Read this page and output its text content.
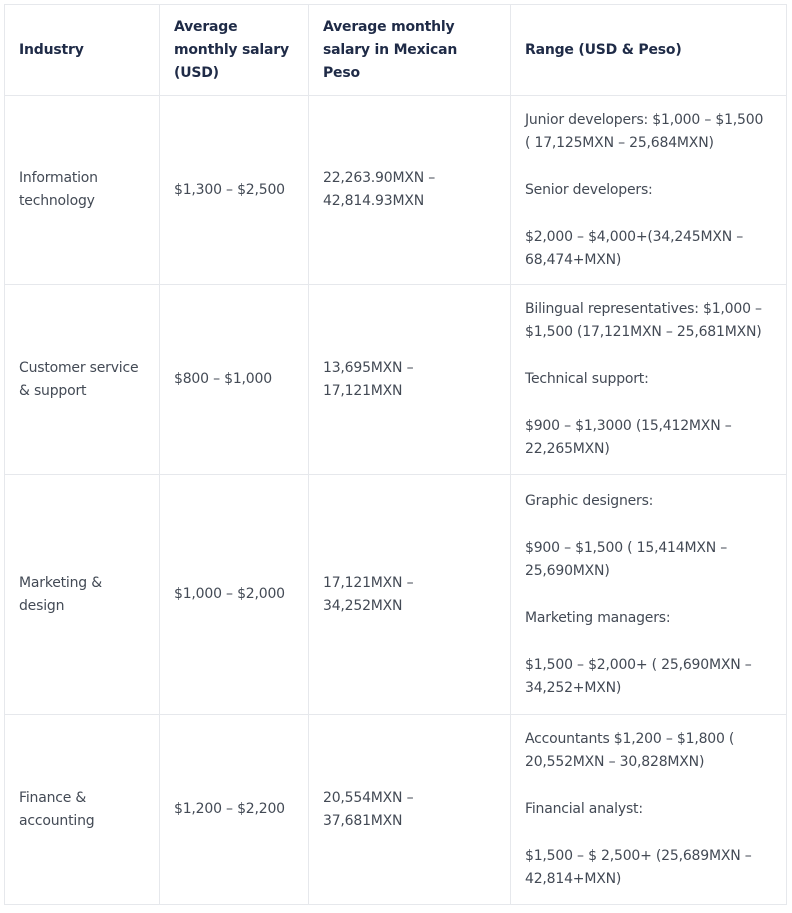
Industry	Average monthly salary (USD)	Average monthly salary in Mexican Peso	Range (USD & Peso)
Information technology	$1,300 – $2,500	22,263.90MXN – 42,814.93MXN	Junior developers: $1,000 – $1,500 ( 17,125MXN – 25,684MXN)
Senior developers:
$2,000 – $4,000+(34,245MXN – 68,474+MXN)

Customer service & support	$800 – $1,000	13,695MXN – 17,121MXN	Bilingual representatives: $1,000 – $1,500 (17,121MXN – 25,681MXN)
Technical support:
$900 – $1,3000 (15,412MXN – 22,265MXN)

Marketing & design	$1,000 – $2,000	17,121MXN – 34,252MXN	Graphic designers:
$900 – $1,500 ( 15,414MXN – 25,690MXN)
Marketing managers:
$1,500 – $2,000+ ( 25,690MXN – 34,252+MXN)

Finance & accounting	$1,200 – $2,200	20,554MXN – 37,681MXN	Accountants $1,200 – $1,800 ( 20,552MXN – 30,828MXN)
Financial analyst:
$1,500 – $ 2,500+ (25,689MXN – 42,814+MXN)
